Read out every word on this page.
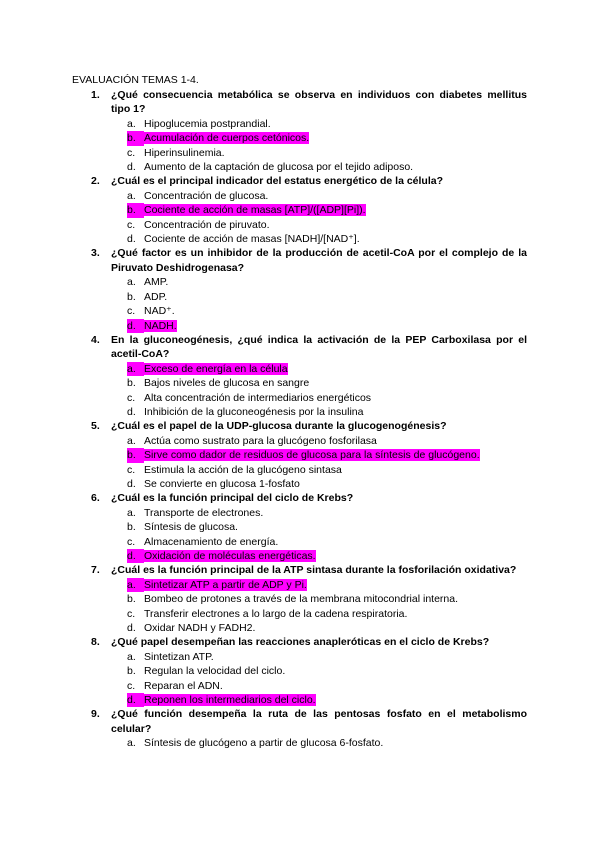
EVALUACIÓN TEMAS 1-4.
1. ¿Qué consecuencia metabólica se observa en individuos con diabetes mellitus tipo 1?
a. Hipoglucemia postprandial.
b. Acumulación de cuerpos cetónicos.
c. Hiperinsulinemia.
d. Aumento de la captación de glucosa por el tejido adiposo.
2. ¿Cuál es el principal indicador del estatus energético de la célula?
a. Concentración de glucosa.
b. Cociente de acción de masas [ATP]/([ADP][Pi]).
c. Concentración de piruvato.
d. Cociente de acción de masas [NADH]/[NAD⁺].
3. ¿Qué factor es un inhibidor de la producción de acetil-CoA por el complejo de la Piruvato Deshidrogenasa?
a. AMP.
b. ADP.
c. NAD⁺.
d. NADH.
4. En la gluconeogénesis, ¿qué indica la activación de la PEP Carboxilasa por el acetil-CoA?
a. Exceso de energía en la célula
b. Bajos niveles de glucosa en sangre
c. Alta concentración de intermediarios energéticos
d. Inhibición de la gluconeogénesis por la insulina
5. ¿Cuál es el papel de la UDP-glucosa durante la glucogenogénesis?
a. Actúa como sustrato para la glucógeno fosforilasa
b. Sirve como dador de residuos de glucosa para la síntesis de glucógeno.
c. Estimula la acción de la glucógeno sintasa
d. Se convierte en glucosa 1-fosfato
6. ¿Cuál es la función principal del ciclo de Krebs?
a. Transporte de electrones.
b. Síntesis de glucosa.
c. Almacenamiento de energía.
d. Oxidación de moléculas energéticas.
7. ¿Cuál es la función principal de la ATP sintasa durante la fosforilación oxidativa?
a. Sintetizar ATP a partir de ADP y Pi.
b. Bombeo de protones a través de la membrana mitocondrial interna.
c. Transferir electrones a lo largo de la cadena respiratoria.
d. Oxidar NADH y FADH2.
8. ¿Qué papel desempeñan las reacciones anapleróticas en el ciclo de Krebs?
a. Sintetizan ATP.
b. Regulan la velocidad del ciclo.
c. Reparan el ADN.
d. Reponen los intermediarios del ciclo.
9. ¿Qué función desempeña la ruta de las pentosas fosfato en el metabolismo celular?
a. Síntesis de glucógeno a partir de glucosa 6-fosfato.
